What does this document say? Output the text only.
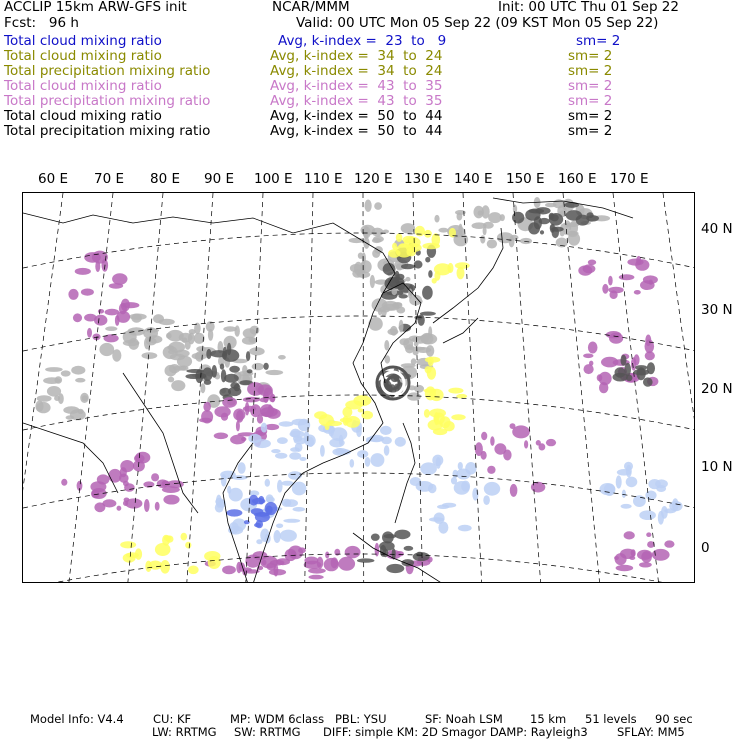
ACCLIP 15km ARW-GFS init	NCAR/MMM	Init: 00 UTC Thu 01 Sep 22
Fcst:   96 h	Valid: 00 UTC Mon 05 Sep 22 (09 KST Mon 05 Sep 22)
Total cloud mixing ratio	Avg, k-index =  23  to   9	sm= 2
Total cloud mixing ratio	Avg, k-index =  34  to  24	sm= 2
Total precipitation mixing ratio	Avg, k-index =  34  to  24	sm= 2
Total cloud mixing ratio	Avg, k-index =  43  to  35	sm= 2
Total precipitation mixing ratio	Avg, k-index =  43  to  35	sm= 2
Total cloud mixing ratio	Avg, k-index =  50  to  44	sm= 2
Total precipitation mixing ratio	Avg, k-index =  50  to  44	sm= 2
60 E 70 E 80 E 90 E 100 E 110 E 120 E 130 E 140 E 150 E 160 E 170 E
40 N
30 N
20 N
10 N
0
Model Info: V4.4	CU: KF	MP: WDM 6class PBL: YSU	SF: Noah LSM 15 km 51 levels 90 sec
LW: RRTMG SW: RRTMG DIFF: simple KM: 2D Smagor DAMP: Rayleigh3	SFLAY: MM5
